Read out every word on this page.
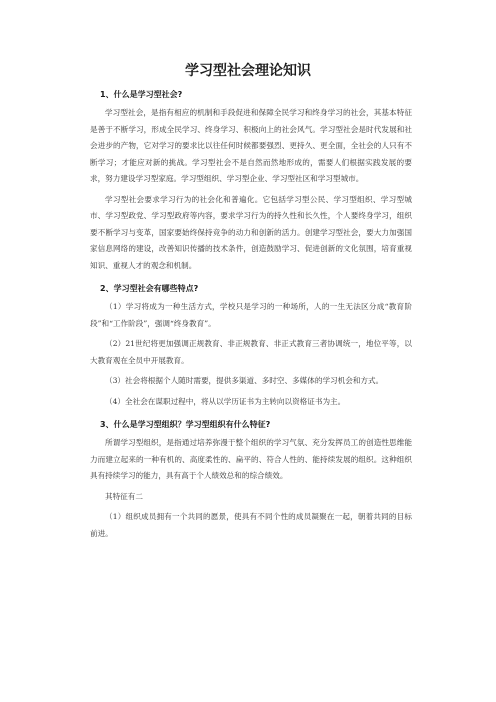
学习型社会理论知识
1、什么是学习型社会?

学习型社会，是指有相应的机制和手段促进和保障全民学习和终身学习的社会，其基本特征是善于不断学习，形成全民学习、终身学习、积极向上的社会风气。学习型社会是时代发展和社会进步的产物，它对学习的要求比以往任何时候都要强烈、更持久、更全面，全社会的人只有不断学习；才能应对新的挑战。学习型社会不是自然而然地形成的，需要人们根据实践发展的要求，努力建设学习型家庭。学习型组织、学习型企业、学习型社区和学习型城市。

学习型社会要求学习行为的社会化和普遍化。它包括学习型公民、学习型组织、学习型城市、学习型政党、学习型政府等内容，要求学习行为的持久性和长久性，个人要终身学习，组织要不断学习与变革，国家要始终保持竞争的动力和创新的活力。创建学习型社会，要大力加强国家信息网络的建设，改善知识传播的技术条件，创造鼓励学习、促进创新的文化氛围，培育重视知识、重视人才的观念和机制。

2、学习型社会有哪些特点?

（1）学习将成为一种生活方式，学校只是学习的一种场所，人的一生无法区分成“教育阶段”和“工作阶段”，强调“终身教育”。

（2）21世纪将更加强调正规教育、非正规教育、非正式教育三者协调统一，地位平等，以大教育观在全员中开展教育。

（3）社会将根据个人随时需要，提供多渠道、多时空、多媒体的学习机会和方式。

（4）全社会在谋职过程中，将从以学历证书为主转向以资格证书为主。

3、什么是学习型组织？学习型组织有什么特征?

所谓学习型组织，是指通过培养弥漫于整个组织的学习气氛、充分发挥员工的创造性思维能力而建立起来的一种有机的、高度柔性的、扁平的、符合人性的、能持续发展的组织。这种组织具有持续学习的能力，具有高于个人绩效总和的综合绩效。

其特征有二

（1）组织成员拥有一个共同的愿景，使具有不同个性的成员凝聚在一起，朝着共同的目标前进。
